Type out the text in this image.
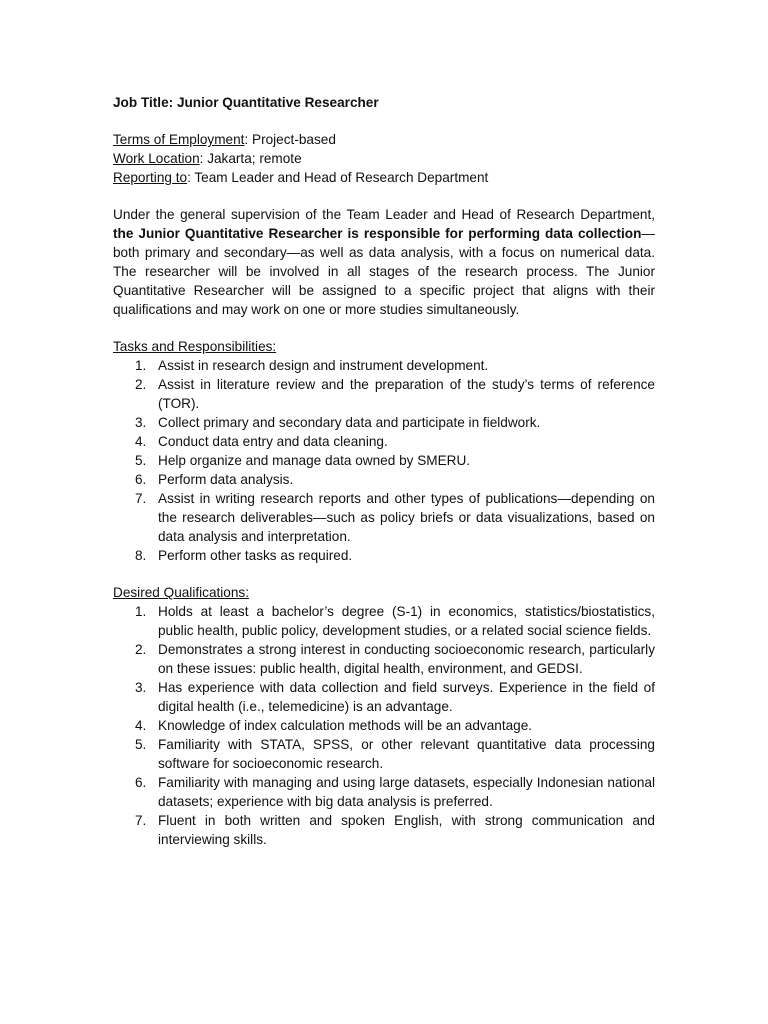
Job Title: Junior Quantitative Researcher

Terms of Employment: Project-based

Work Location: Jakarta; remote

Reporting to: Team Leader and Head of Research Department

Under the general supervision of the Team Leader and Head of Research Department, the Junior Quantitative Researcher is responsible for performing data collection—both primary and secondary—as well as data analysis, with a focus on numerical data. The researcher will be involved in all stages of the research process. The Junior Quantitative Researcher will be assigned to a specific project that aligns with their qualifications and may work on one or more studies simultaneously.

Tasks and Responsibilities:

1. Assist in research design and instrument development.
2. Assist in literature review and the preparation of the study’s terms of reference (TOR).
3. Collect primary and secondary data and participate in fieldwork.
4. Conduct data entry and data cleaning.
5. Help organize and manage data owned by SMERU.
6. Perform data analysis.
7. Assist in writing research reports and other types of publications—depending on the research deliverables—such as policy briefs or data visualizations, based on data analysis and interpretation.
8. Perform other tasks as required.

Desired Qualifications:

1. Holds at least a bachelor’s degree (S-1) in economics, statistics/biostatistics, public health, public policy, development studies, or a related social science fields.
2. Demonstrates a strong interest in conducting socioeconomic research, particularly on these issues: public health, digital health, environment, and GEDSI.
3. Has experience with data collection and field surveys. Experience in the field of digital health (i.e., telemedicine) is an advantage.
4. Knowledge of index calculation methods will be an advantage.
5. Familiarity with STATA, SPSS, or other relevant quantitative data processing software for socioeconomic research.
6. Familiarity with managing and using large datasets, especially Indonesian national datasets; experience with big data analysis is preferred.
7. Fluent in both written and spoken English, with strong communication and interviewing skills.
